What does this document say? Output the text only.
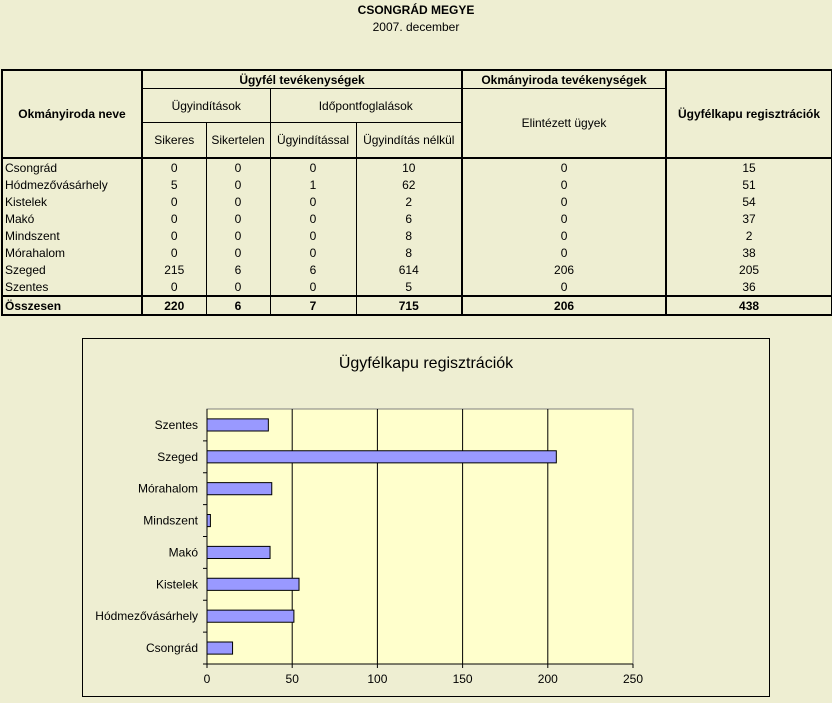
CSONGRÁD MEGYE
2007. december
Okmányiroda neve	Ügyfél tevékenységek				Okmányiroda tevékenységek	Ügyfélkapu regisztrációk
	Ügyindítások		Időpontfoglalások		Elintézett ügyek	
	Sikeres	Sikertelen	Ügyindítással	Ügyindítás nélkül		
Csongrád	0	0	0	10	0	15
Hódmezővásárhely	5	0	1	62	0	51
Kistelek	0	0	0	2	0	54
Makó	0	0	0	6	0	37
Mindszent	0	0	0	8	0	2
Mórahalom	0	0	0	8	0	38
Szeged	215	6	6	614	206	205
Szentes	0	0	0	5	0	36
Összesen	220	6	7	715	206	438
Ügyfélkapu regisztrációk
0	50	100	150	200	250
Csongrád
Hódmezővásárhely
Kistelek
Makó
Mindszent
Mórahalom
Szeged
Szentes
